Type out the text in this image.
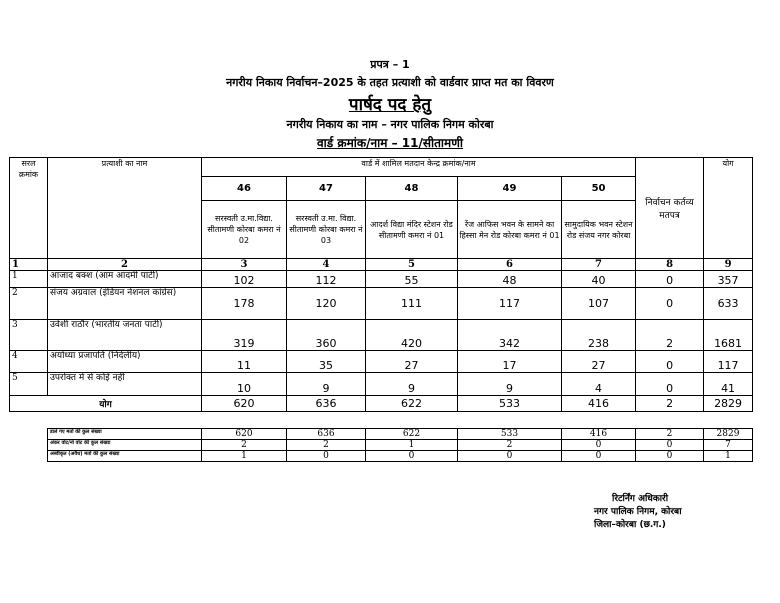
प्रपत्र – 1
नगरीय निकाय निर्वाचन–2025 के तहत प्रत्याशी को वार्डवार प्राप्त मत का विवरण
पार्षद पद हेतु
नगरीय निकाय का नाम – नगर पालिक निगम कोरबा
वार्ड क्रमांक/नाम – 11/सीतामणी
सरल क्रमांक	प्रत्याशी का नाम	वार्ड में शामिल मतदान केन्द्र क्रमांक/नाम					निर्वाचन कर्तव्य मतपत्र	योग
		46	47	48	49	50		
		सरस्वती उ.मा.विद्या. सीतामणी कोरबा कमरा नं 02	सरस्वती उ.मा. विद्या. सीतामणी कोरबा कमरा नं 03	आदर्श विद्या मंदिर स्टेशन रोड सीतामणी कमरा नं 01	रेंज आफिस भवन के सामने का हिस्सा मेन रोड कोरबा कमरा नं 01	सामुदायिक भवन स्टेशन रोड संजय नगर कोरबा		
1	2	3	4	5	6	7	8	9
1	आजाद बक्श (आम आदमी पार्टी)	102	112	55	48	40	0	357
2	संजय अग्रवाल (इंडियन नेशनल कांग्रेस)	178	120	111	117	107	0	633
3	उर्वशी राठौर (भारतीय जनता पार्टी)	319	360	420	342	238	2	1681
4	अयोध्या प्रजापति (निर्दलीय)	11	35	27	17	27	0	117
5	उपरोक्त में से कोई नहीं	10	9	9	9	4	0	41
योग		620	636	622	533	416	2	2829
डाले गए मतों की कुल संख्या	620	636	622	533	416	2	2829
अंकर वोट/नो वोट की कुल संख्या	2	2	1	2	0	0	7
अस्वीकृत (अवैध) मतों की कुल संख्या	1	0	0	0	0	0	1
रिटर्निंग अधिकारी
नगर पालिक निगम, कोरबा
जिला–कोरबा (छ.ग.)
